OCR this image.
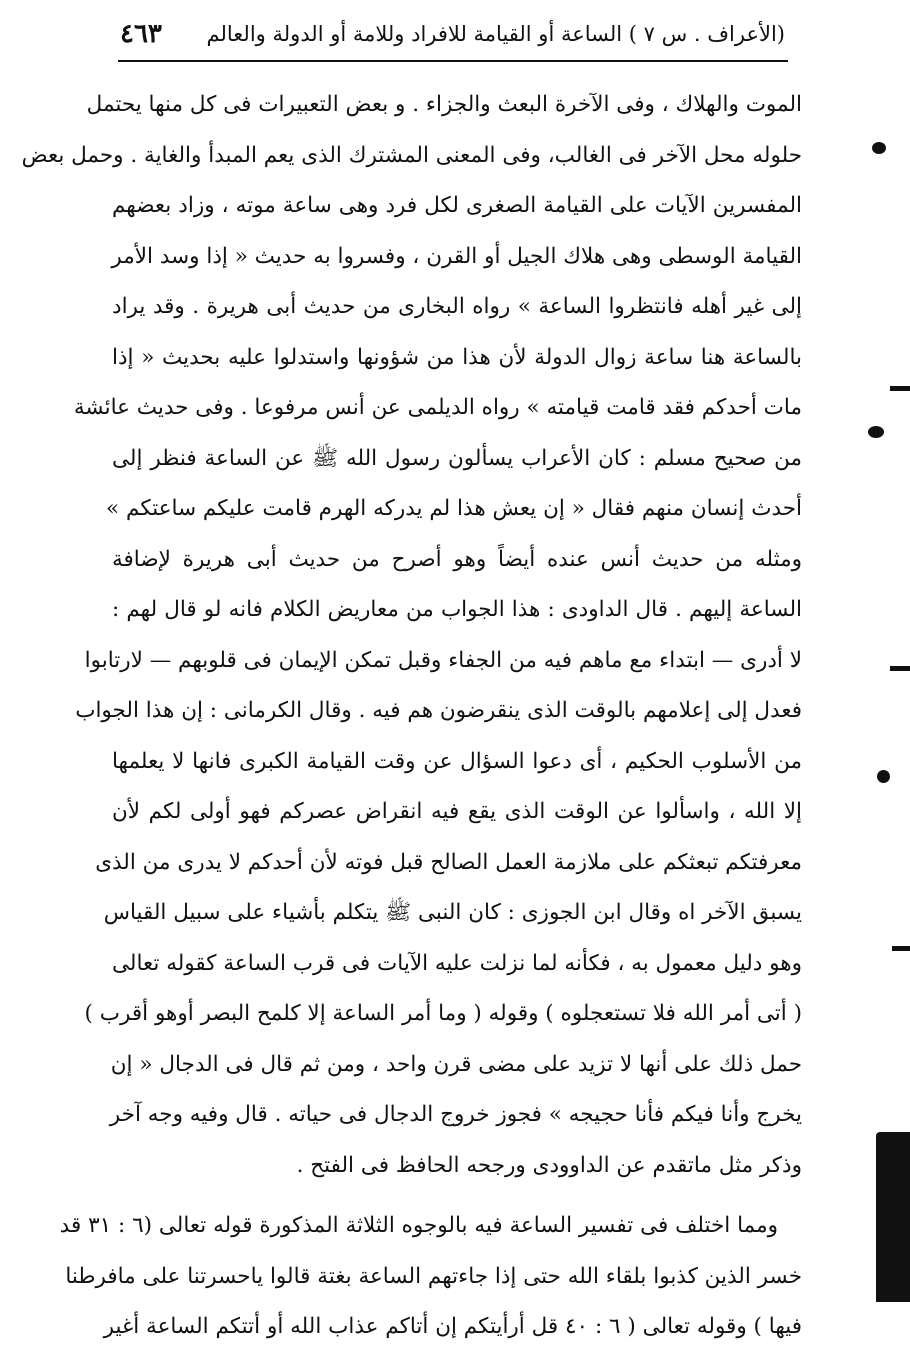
(الأعراف . س ٧ ) الساعة أو القيامة للافراد وللامة أو الدولة والعالم
٤٦٣
الموت والهلاك ، وفى الآخرة البعث والجزاء . و بعض التعبيرات فى كل منها يحتمل
حلوله محل الآخر فى الغالب، وفى المعنى المشترك الذى يعم المبدأ والغاية . وحمل بعض
المفسرين الآيات على القيامة الصغرى لكل فرد وهى ساعة موته ، وزاد بعضهم
القيامة الوسطى وهى هلاك الجيل أو القرن ، وفسروا به حديث « إذا وسد الأمر
إلى غير أهله فانتظروا الساعة » رواه البخارى من حديث أبى هريرة . وقد يراد
بالساعة هنا ساعة زوال الدولة لأن هذا من شؤونها واستدلوا عليه بحديث « إذا
مات أحدكم فقد قامت قيامته » رواه الديلمى عن أنس مرفوعا . وفى حديث عائشة
من صحيح مسلم : كان الأعراب يسألون رسول الله ﷺ عن الساعة فنظر إلى
أحدث إنسان منهم فقال « إن يعش هذا لم يدركه الهرم قامت عليكم ساعتكم »
ومثله من حديث أنس عنده أيضاً وهو أصرح من حديث أبى هريرة لإضافة
الساعة إليهم . قال الداودى : هذا الجواب من معاريض الكلام فانه لو قال لهم :
لا أدرى — ابتداء مع ماهم فيه من الجفاء وقبل تمكن الإيمان فى قلوبهم — لارتابوا
فعدل إلى إعلامهم بالوقت الذى ينقرضون هم فيه . وقال الكرمانى : إن هذا الجواب
من الأسلوب الحكيم ، أى دعوا السؤال عن وقت القيامة الكبرى فانها لا يعلمها
إلا الله ، واسألوا عن الوقت الذى يقع فيه انقراض عصركم فهو أولى لكم لأن
معرفتكم تبعثكم على ملازمة العمل الصالح قبل فوته لأن أحدكم لا يدرى من الذى
يسبق الآخر اه وقال ابن الجوزى : كان النبى ﷺ يتكلم بأشياء على سبيل القياس
وهو دليل معمول به ، فكأنه لما نزلت عليه الآيات فى قرب الساعة كقوله تعالى
( أتى أمر الله فلا تستعجلوه ) وقوله ( وما أمر الساعة إلا كلمح البصر أوهو أقرب )
حمل ذلك على أنها لا تزيد على مضى قرن واحد ، ومن ثم قال فى الدجال « إن
يخرج وأنا فيكم فأنا حجيجه » فجوز خروج الدجال فى حياته . قال وفيه وجه آخر
وذكر مثل ماتقدم عن الداوودى ورجحه الحافظ فى الفتح .
ومما اختلف فى تفسير الساعة فيه بالوجوه الثلاثة المذكورة قوله تعالى (٦ : ٣١ قد
خسر الذين كذبوا بلقاء الله حتى إذا جاءتهم الساعة بغتة قالوا ياحسرتنا على مافرطنا
فيها ) وقوله تعالى ( ٦ : ٤٠ قل أرأيتكم إن أتاكم عذاب الله أو أتتكم الساعة أغير
